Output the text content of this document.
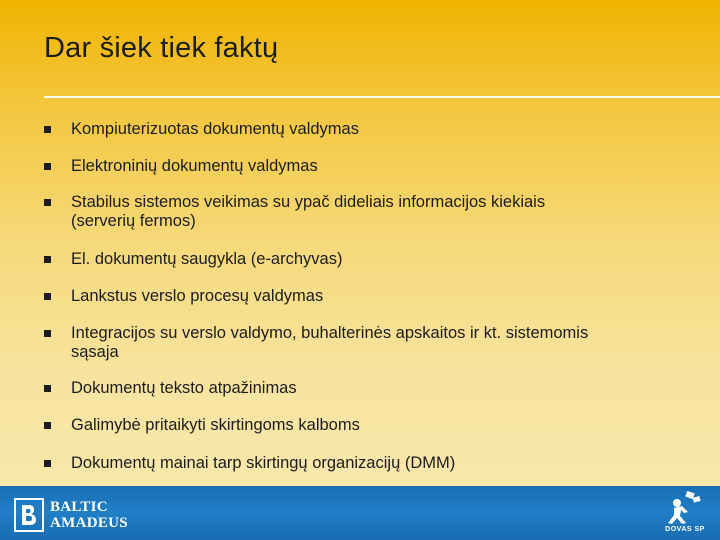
Dar šiek tiek faktų
Kompiuterizuotas dokumentų valdymas
Elektroninių dokumentų valdymas
Stabilus sistemos veikimas su ypač dideliais informacijos kiekiais
(serverių fermos)
El. dokumentų saugykla (e-archyvas)
Lankstus verslo procesų valdymas
Integracijos su verslo valdymo, buhalterinės apskaitos ir kt. sistemomis
sąsaja
Dokumentų teksto atpažinimas
Galimybė pritaikyti skirtingoms kalboms
Dokumentų mainai tarp skirtingų organizacijų (DMM)
BALTIC
AMADEUS	DOVAS SP
